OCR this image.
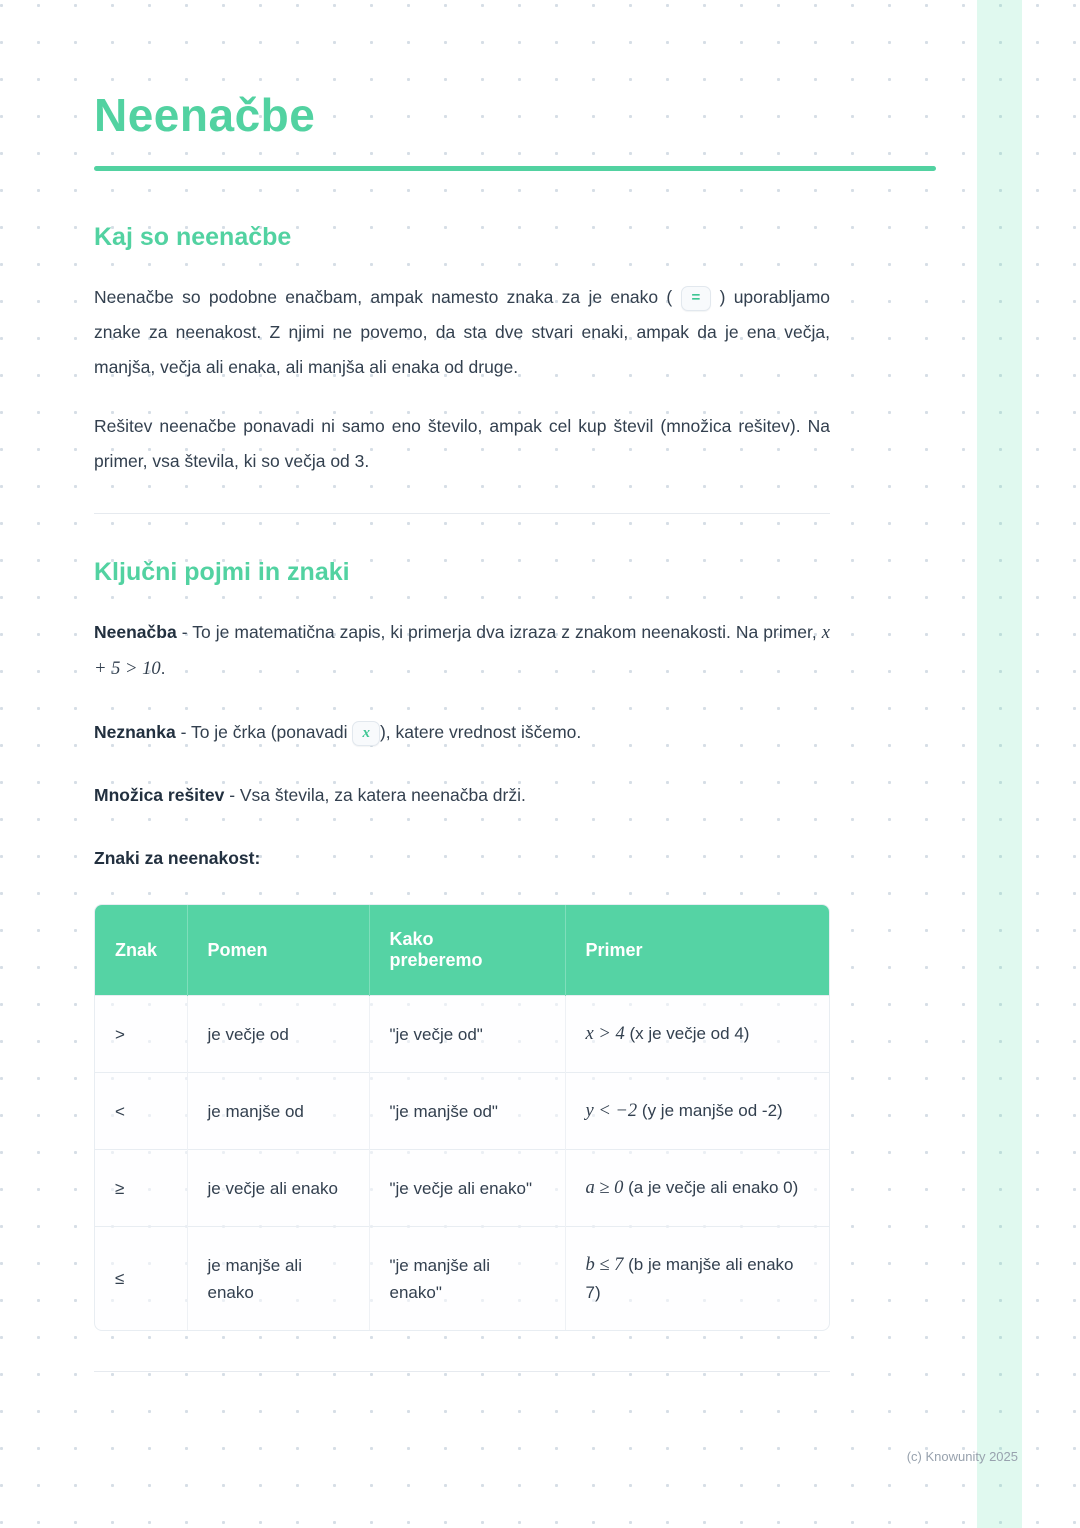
Neenačbe
Kaj so neenačbe

Neenačbe so podobne enačbam, ampak namesto znaka za je enako ( = ) uporabljamo znake za neenakost. Z njimi ne povemo, da sta dve stvari enaki, ampak da je ena večja, manjša, večja ali enaka, ali manjša ali enaka od druge.

Rešitev neenačbe ponavadi ni samo eno število, ampak cel kup števil (množica rešitev). Na primer, vsa števila, ki so večja od 3.

Ključni pojmi in znaki

Neenačba - To je matematična zapis, ki primerja dva izraza z znakom neenakosti. Na primer, x + 5 > 10.

Neznanka - To je črka (ponavadi x ), katere vrednost iščemo.

Množica rešitev - Vsa števila, za katera neenačba drži.

Znaki za neenakost:

Znak	Pomen	Kako preberemo	Primer
>	je večje od	"je večje od"	x > 4 (x je večje od 4)
<	je manjše od	"je manjše od"	y < −2 (y je manjše od -2)
≥	je večje ali enako	"je večje ali enako"	a ≥ 0 (a je večje ali enako 0)
≤	je manjše ali enako	"je manjše ali enako"	b ≤ 7 (b je manjše ali enako 7)
(c) Knowunity 2025
